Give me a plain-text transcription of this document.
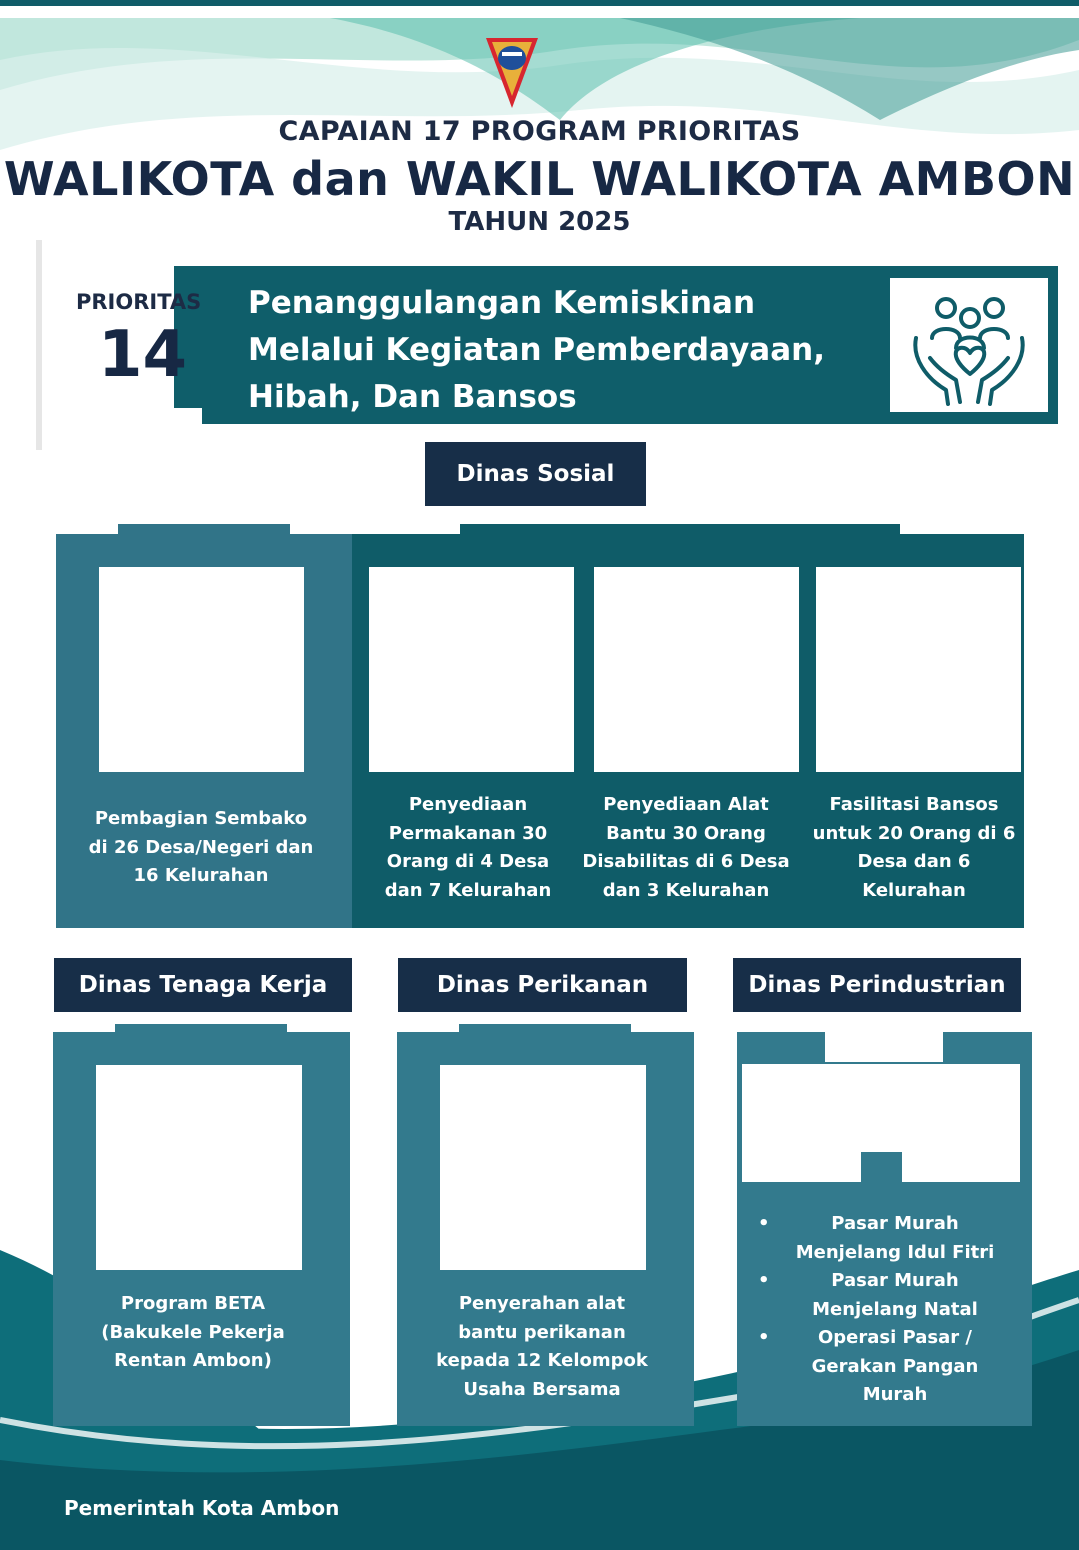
CAPAIAN 17 PROGRAM PRIORITAS
WALIKOTA dan WAKIL WALIKOTA AMBON
TAHUN 2025
PRIORITAS
14
Penanggulangan Kemiskinan
Melalui Kegiatan Pemberdayaan,
Hibah, Dan Bansos
Dinas Sosial
Pembagian Sembako
di 26 Desa/Negeri dan
16 Kelurahan
Penyediaan
Permakanan 30
Orang di 4 Desa
dan 7 Kelurahan
Penyediaan Alat
Bantu 30 Orang
Disabilitas di 6 Desa
dan 3 Kelurahan
Fasilitasi Bansos
untuk 20 Orang di 6
Desa dan 6
Kelurahan
Dinas Tenaga Kerja	Dinas Perikanan	Dinas Perindustrian
Program BETA
(Bakukele Pekerja
Rentan Ambon)
Penyerahan alat
bantu perikanan
kepada 12 Kelompok
Usaha Bersama
•	Pasar Murah
Menjelang Idul Fitri
•	Pasar Murah
Menjelang Natal
•	Operasi Pasar /
Gerakan Pangan
Murah
Pemerintah Kota Ambon
